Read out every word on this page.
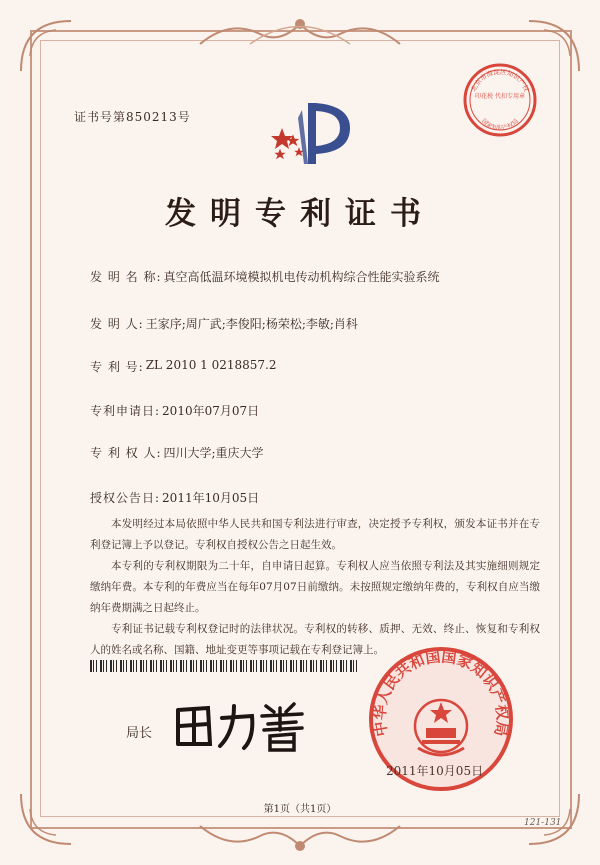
证书号第850213号
发明专利证书
发 明 名 称: 真空高低温环境模拟机电传动机构综合性能实验系统
发 明 人: 王家序;周广武;李俊阳;杨荣松;李敏;肖科
专 利 号: ZL 2010 1 0218857.2
专利申请日: 2010年07月07日
专 利 权 人: 四川大学;重庆大学
授权公告日: 2011年10月05日
本发明经过本局依照中华人民共和国专利法进行审查，决定授予专利权，颁发本证书并在专利登记簿上予以登记。专利权自授权公告之日起生效。
本专利的专利权期限为二十年，自申请日起算。专利权人应当依照专利法及其实施细则规定缴纳年费。本专利的年费应当在每年07月07日前缴纳。未按照规定缴纳年费的，专利权自应当缴纳年费期满之日起终止。
专利证书记载专利权登记时的法律状况。专利权的转移、质押、无效、终止、恢复和专利权人的姓名或名称、国籍、地址变更等事项记载在专利登记簿上。
局长
北京市海淀区知识产权
印花税 代扣专用章
国家知识产权局
中华人民共和国国家知识产权局
2011年10月05日
第1页（共1页）
121-131
